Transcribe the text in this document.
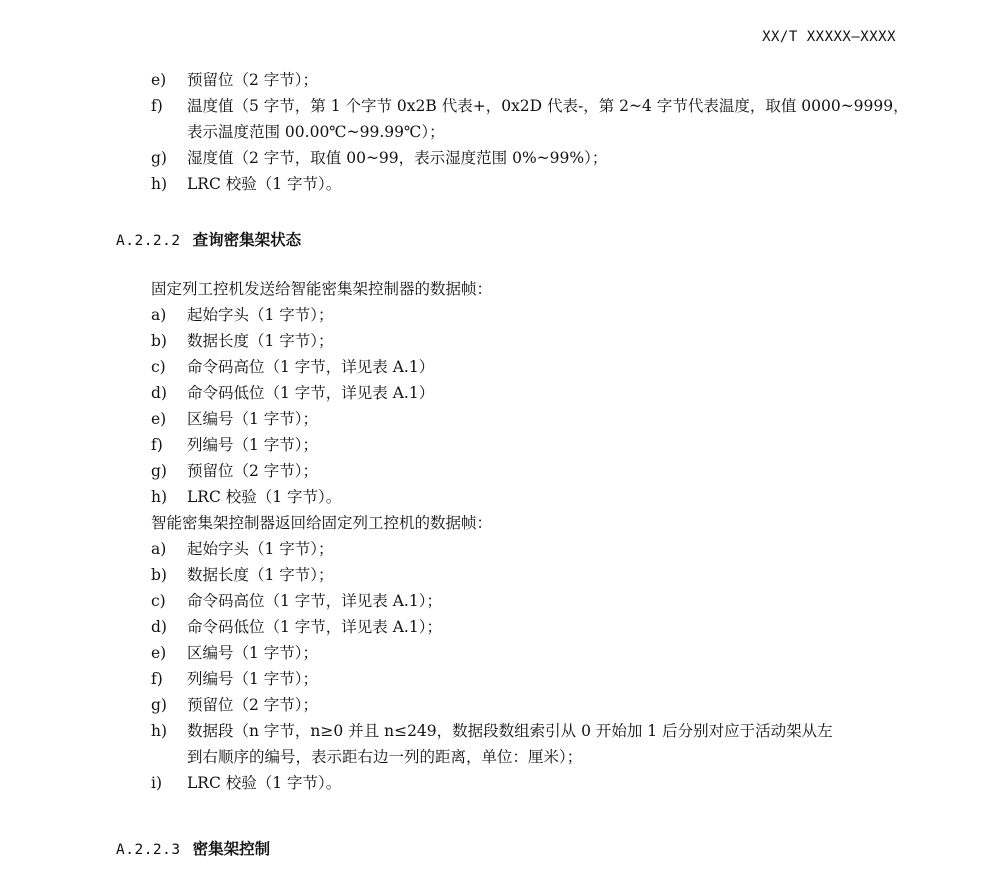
XX/T XXXXX—XXXX
e) 预留位（2 字节）；
f) 温度值（5 字节，第 1 个字节 0x2B 代表+，0x2D 代表-，第 2~4 字节代表温度，取值 0000~9999，
表示温度范围 00.00℃~99.99℃）；
g) 湿度值（2 字节，取值 00~99，表示湿度范围 0%~99%）；
h) LRC 校验（1 字节）。
A.2.2.2 查询密集架状态
固定列工控机发送给智能密集架控制器的数据帧：
a) 起始字头（1 字节）；
b) 数据长度（1 字节）；
c) 命令码高位（1 字节，详见表 A.1）
d) 命令码低位（1 字节，详见表 A.1）
e) 区编号（1 字节）；
f) 列编号（1 字节）；
g) 预留位（2 字节）；
h) LRC 校验（1 字节）。
智能密集架控制器返回给固定列工控机的数据帧：
a) 起始字头（1 字节）；
b) 数据长度（1 字节）；
c) 命令码高位（1 字节，详见表 A.1）；
d) 命令码低位（1 字节，详见表 A.1）；
e) 区编号（1 字节）；
f) 列编号（1 字节）；
g) 预留位（2 字节）；
h) 数据段（n 字节，n≥0 并且 n≤249，数据段数组索引从 0 开始加 1 后分别对应于活动架从左
到右顺序的编号，表示距右边一列的距离，单位：厘米）；
i) LRC 校验（1 字节）。
A.2.2.3 密集架控制
